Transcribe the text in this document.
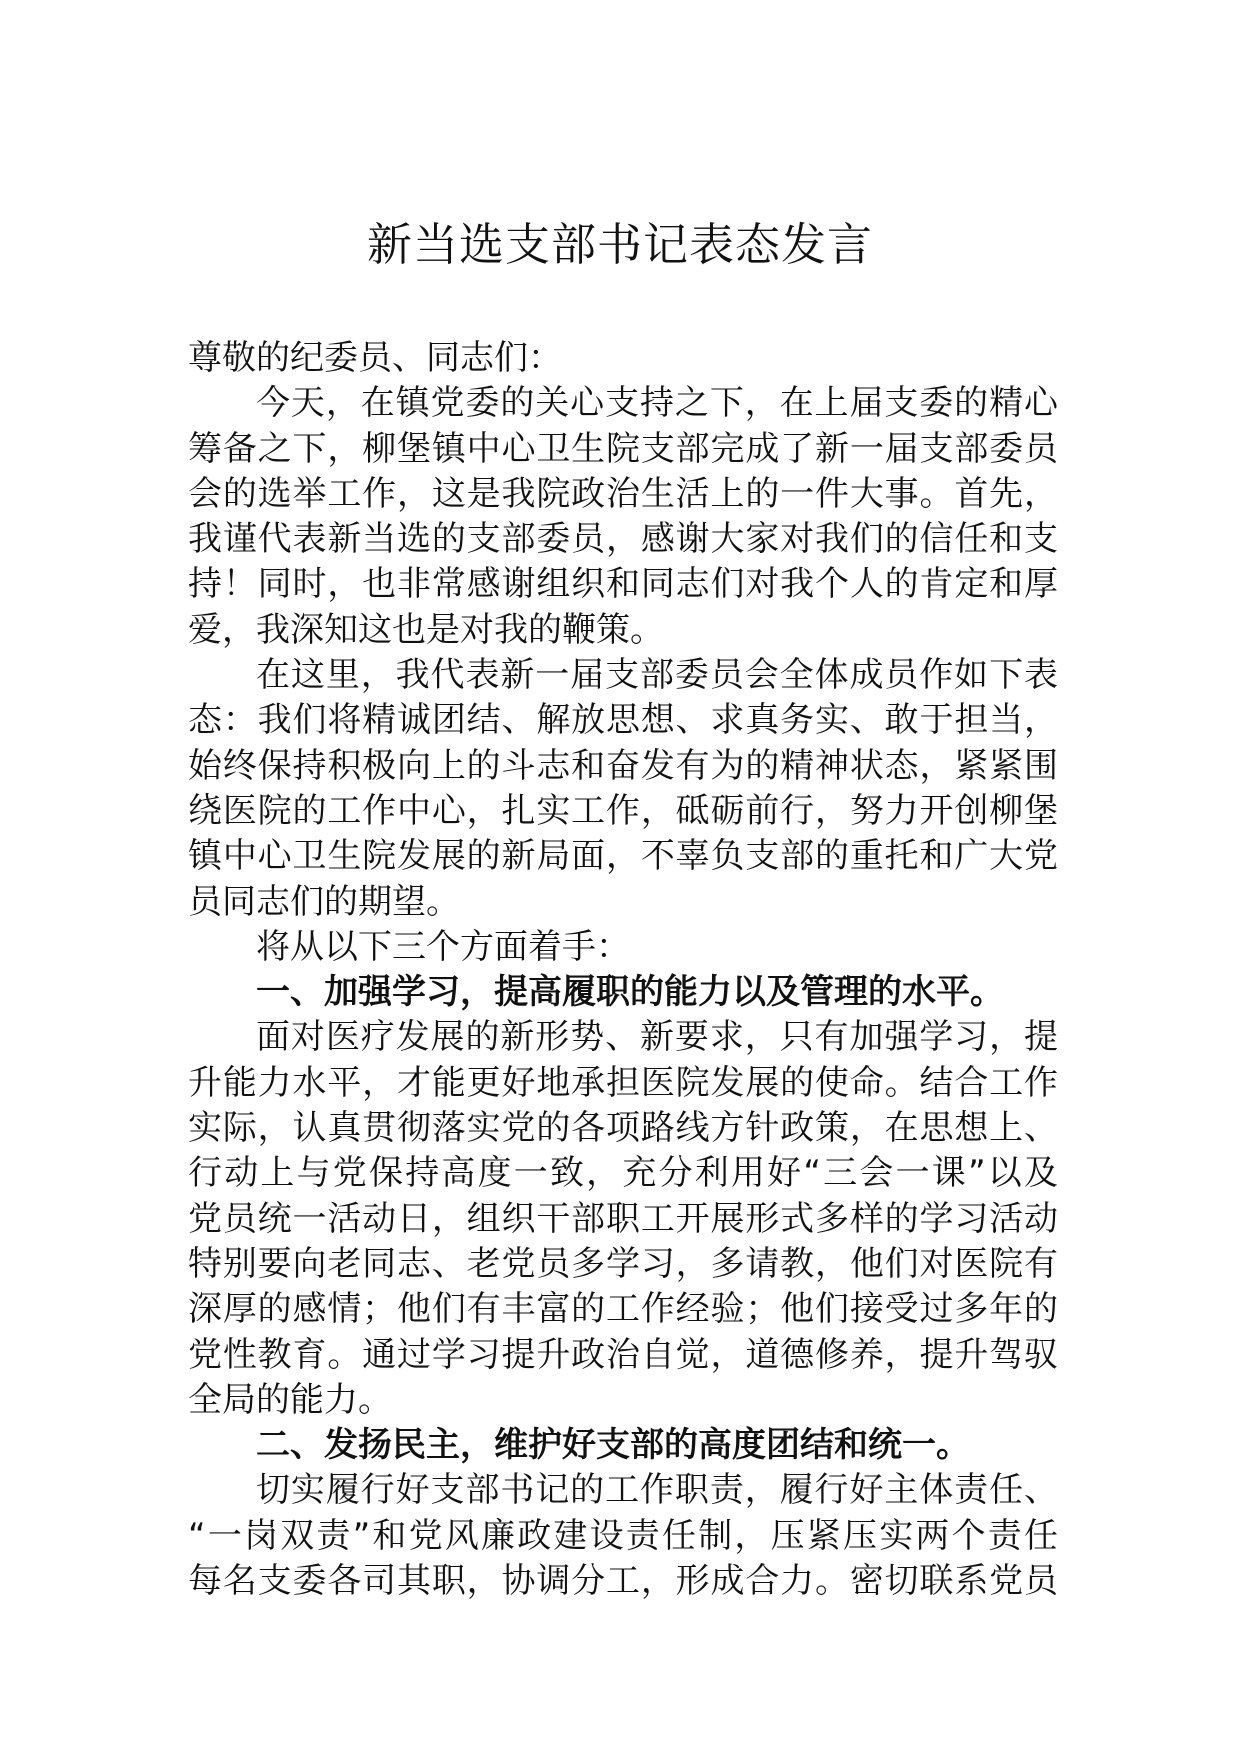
新当选支部书记表态发言
尊敬的纪委员、同志们：
今天，在镇党委的关心支持之下，在上届支委的精心
筹备之下，柳堡镇中心卫生院支部完成了新一届支部委员
会的选举工作，这是我院政治生活上的一件大事。首先，
我谨代表新当选的支部委员，感谢大家对我们的信任和支
持！同时，也非常感谢组织和同志们对我个人的肯定和厚
爱，我深知这也是对我的鞭策。
在这里，我代表新一届支部委员会全体成员作如下表
态：我们将精诚团结、解放思想、求真务实、敢于担当，
始终保持积极向上的斗志和奋发有为的精神状态，紧紧围
绕医院的工作中心，扎实工作，砥砺前行，努力开创柳堡
镇中心卫生院发展的新局面，不辜负支部的重托和广大党
员同志们的期望。
将从以下三个方面着手：
一、加强学习，提高履职的能力以及管理的水平。
面对医疗发展的新形势、新要求，只有加强学习，提
升能力水平，才能更好地承担医院发展的使命。结合工作
实际，认真贯彻落实党的各项路线方针政策，在思想上、
行动上与党保持高度一致，充分利用好“三会一课”以及
党员统一活动日，组织干部职工开展形式多样的学习活动
特别要向老同志、老党员多学习，多请教，他们对医院有
深厚的感情；他们有丰富的工作经验；他们接受过多年的
党性教育。通过学习提升政治自觉，道德修养，提升驾驭
全局的能力。
二、发扬民主，维护好支部的高度团结和统一。
切实履行好支部书记的工作职责，履行好主体责任、
“一岗双责”和党风廉政建设责任制，压紧压实两个责任
每名支委各司其职，协调分工，形成合力。密切联系党员
